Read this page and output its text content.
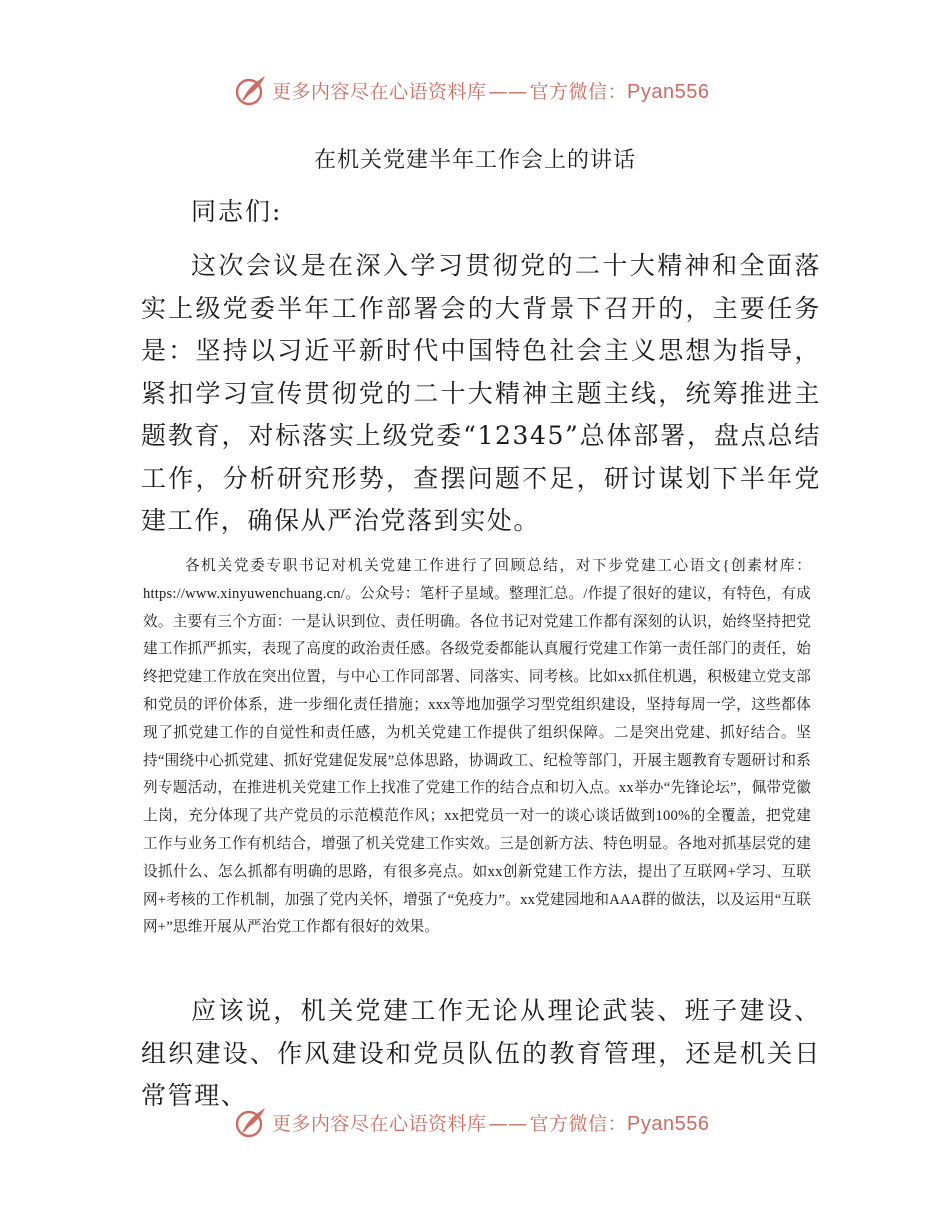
更多内容尽在心语资料库 —— 官方微信：Pyan556
在机关党建半年工作会上的讲话
同志们:

这次会议是在深入学习贯彻党的二十大精神和全面落实上级党委半年工作部署会的大背景下召开的，主要任务是：坚持以习近平新时代中国特色社会主义思想为指导，紧扣学习宣传贯彻党的二十大精神主题主线，统筹推进主题教育，对标落实上级党委“12345”总体部署，盘点总结工作，分析研究形势，查摆问题不足，研讨谋划下半年党建工作，确保从严治党落到实处。

各机关党委专职书记对机关党建工作进行了回顾总结，对下步党建工心语文{创素材库：https://www.xinyuwenchuang.cn/。公众号：笔杆子星域。整理汇总。/作提了很好的建议，有特色，有成效。主要有三个方面：一是认识到位、责任明确。各位书记对党建工作都有深刻的认识，始终坚持把党建工作抓严抓实，表现了高度的政治责任感。各级党委都能认真履行党建工作第一责任部门的责任，始终把党建工作放在突出位置，与中心工作同部署、同落实、同考核。比如xx抓住机遇，积极建立党支部和党员的评价体系，进一步细化责任措施；xxx等地加强学习型党组织建设，坚持每周一学，这些都体现了抓党建工作的自觉性和责任感，为机关党建工作提供了组织保障。二是突出党建、抓好结合。坚持“围绕中心抓党建、抓好党建促发展”总体思路，协调政工、纪检等部门，开展主题教育专题研讨和系列专题活动，在推进机关党建工作上找准了党建工作的结合点和切入点。xx举办“先锋论坛”，佩带党徽上岗，充分体现了共产党员的示范模范作风；xx把党员一对一的谈心谈话做到100%的全覆盖，把党建工作与业务工作有机结合，增强了机关党建工作实效。三是创新方法、特色明显。各地对抓基层党的建设抓什么、怎么抓都有明确的思路，有很多亮点。如xx创新党建工作方法，提出了互联网+学习、互联网+考核的工作机制，加强了党内关怀，增强了“免疫力”。xx党建园地和AAA群的做法，以及运用“互联网+”思维开展从严治党工作都有很好的效果。

应该说，机关党建工作无论从理论武装、班子建设、组织建设、作风建设和党员队伍的教育管理，还是机关日常管理、

更多内容尽在心语资料库 —— 官方微信：Pyan556
